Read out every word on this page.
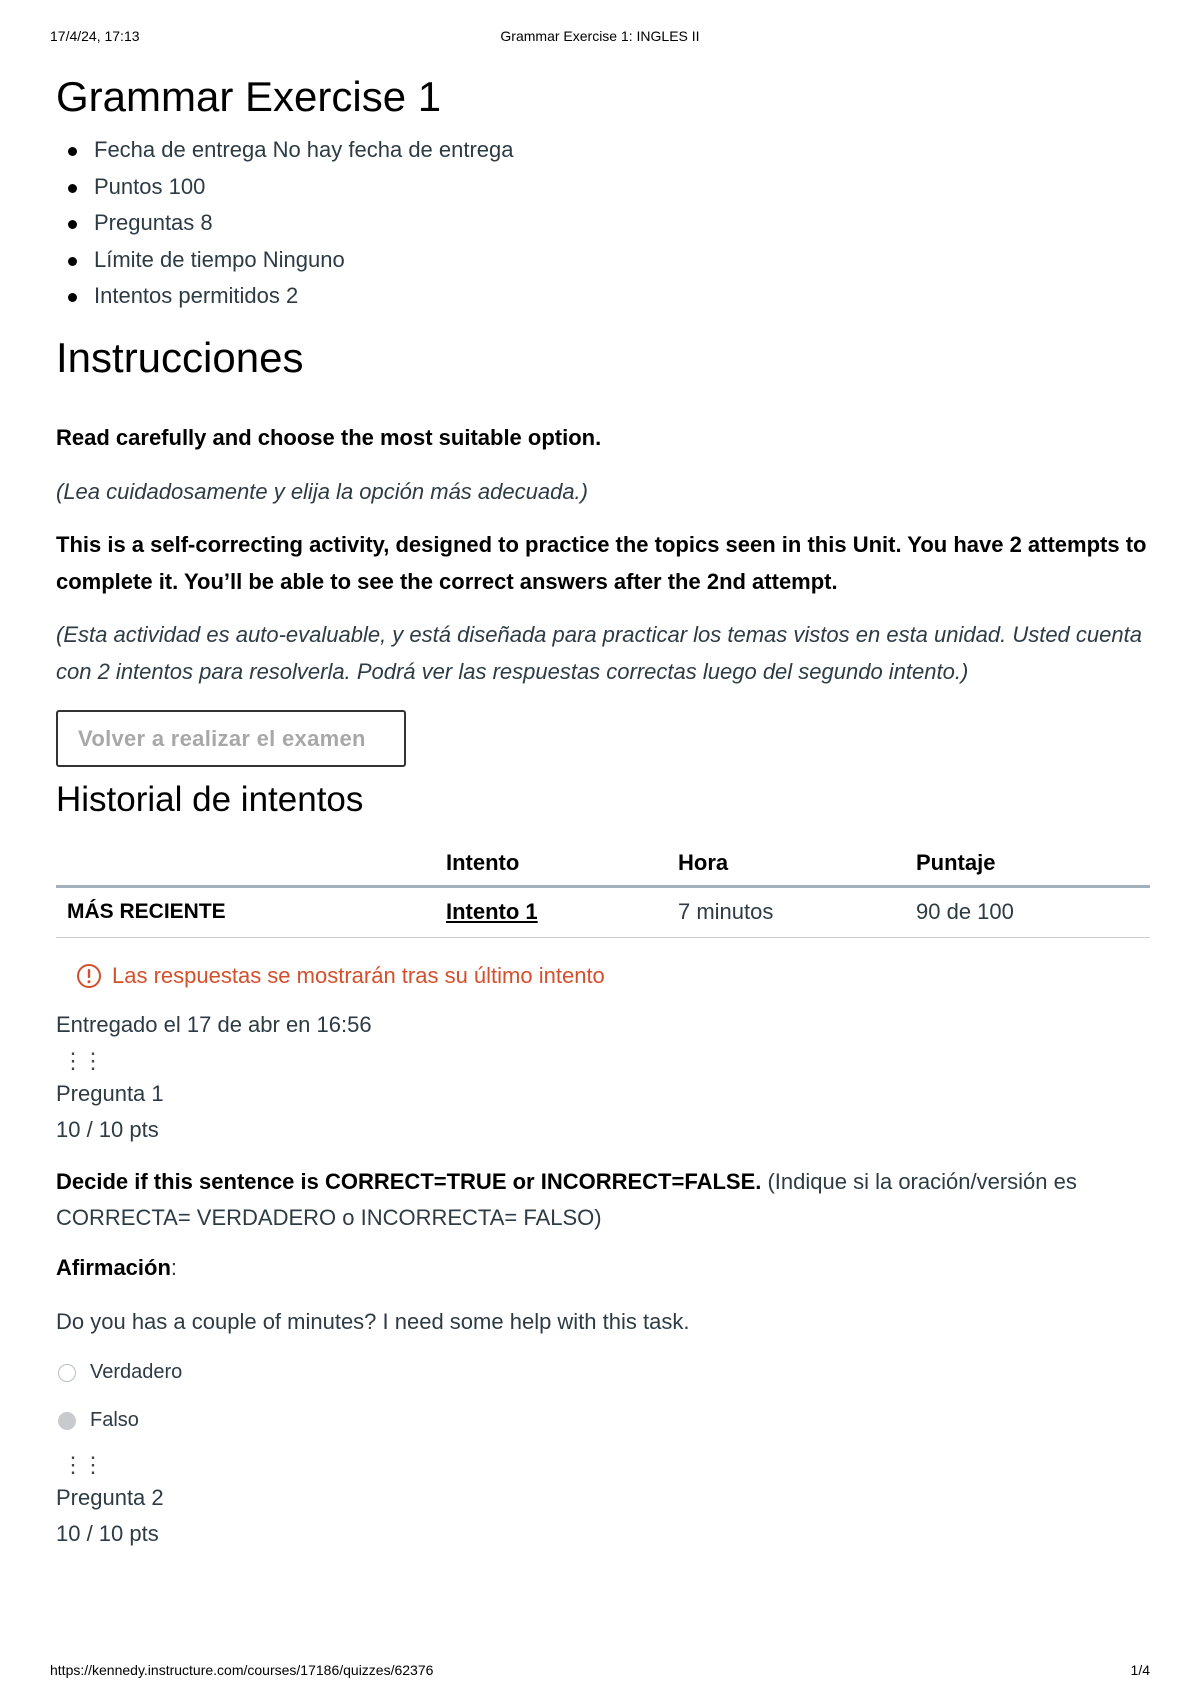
17/4/24, 17:13	Grammar Exercise 1: INGLES II
Grammar Exercise 1
Fecha de entrega No hay fecha de entrega
Puntos 100
Preguntas 8
Límite de tiempo Ninguno
Intentos permitidos 2
Instrucciones

Read carefully and choose the most suitable option.

(Lea cuidadosamente y elija la opción más adecuada.)

This is a self-correcting activity, designed to practice the topics seen in this Unit. You have 2 attempts to complete it. You’ll be able to see the correct answers after the 2nd attempt.

(Esta actividad es auto-evaluable, y está diseñada para practicar los temas vistos en esta unidad. Usted cuenta con 2 intentos para resolverla. Podrá ver las respuestas correctas luego del segundo intento.)

Volver a realizar el examen
Historial de intentos
	Intento	Hora	Puntaje
MÁS RECIENTE	Intento 1	7 minutos	90 de 100
Las respuestas se mostrarán tras su último intento
Entregado el 17 de abr en 16:56
⋮⋮
Pregunta 1
10 / 10 pts
Decide if this sentence is CORRECT=TRUE or INCORRECT=FALSE. (Indique si la oración/versión es CORRECTA= VERDADERO o INCORRECTA= FALSO)
Afirmación:
Do you has a couple of minutes? I need some help with this task.
Verdadero
Falso
⋮⋮
Pregunta 2
10 / 10 pts
https://kennedy.instructure.com/courses/17186/quizzes/62376	1/4
